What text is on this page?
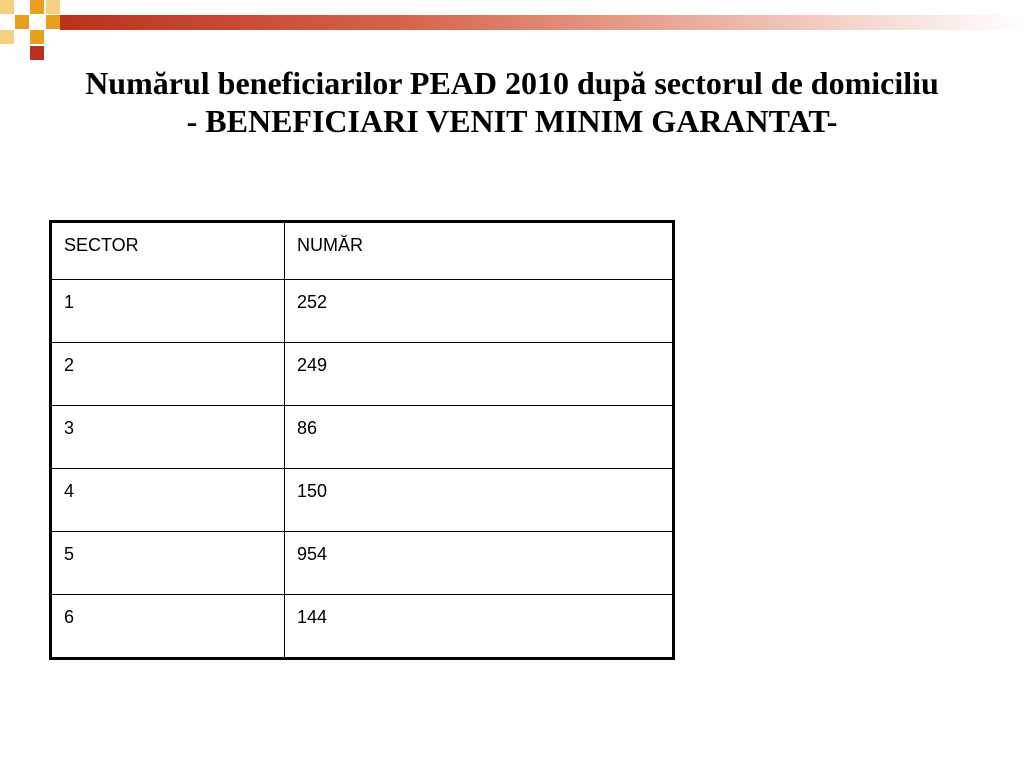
Numărul beneficiarilor PEAD 2010 după sectorul de domiciliu
- BENEFICIARI VENIT MINIM GARANTAT-
SECTOR	NUMĂR
1	252
2	249
3	86
4	150
5	954
6	144
